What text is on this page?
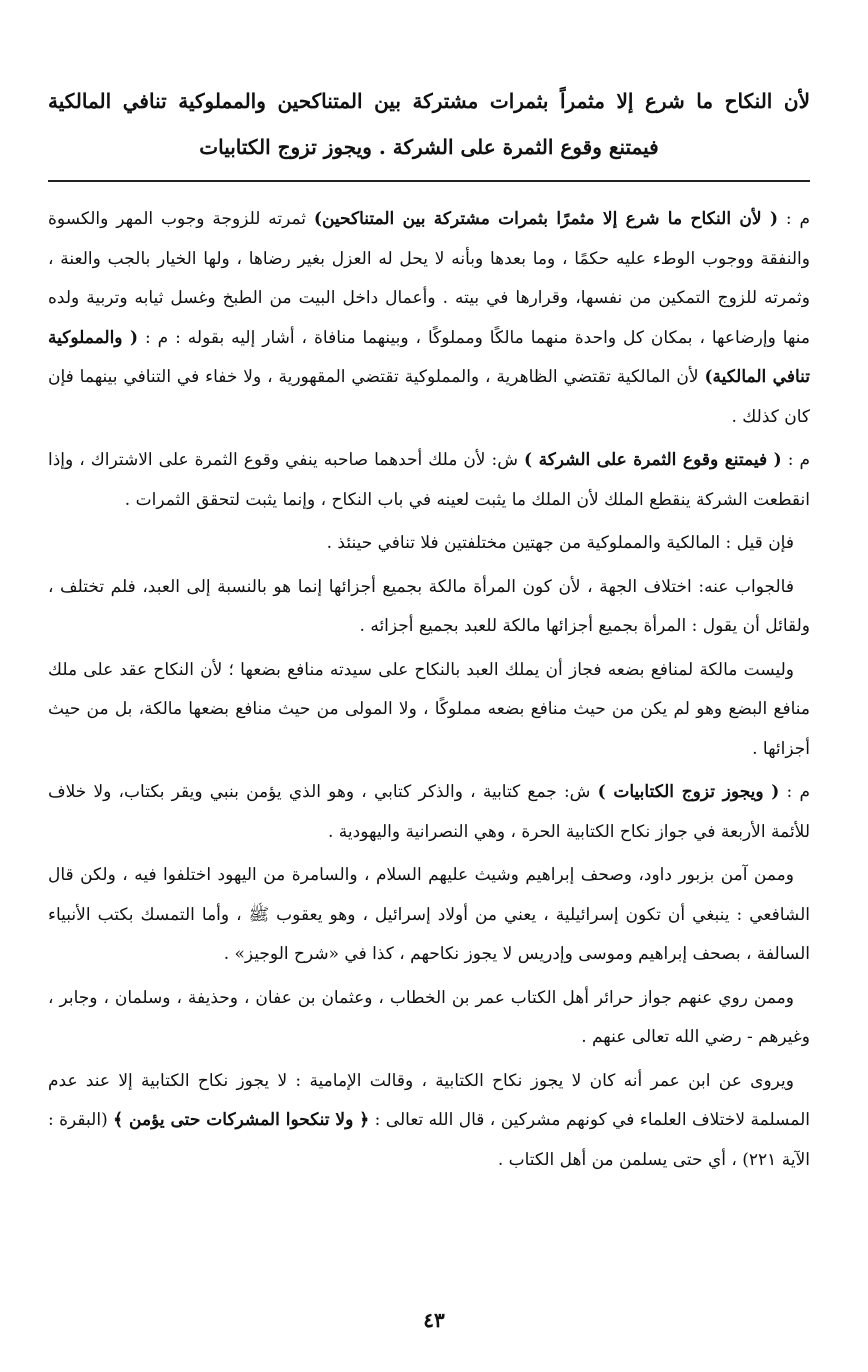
لأن النكاح ما شرع إلا مثمراً بثمرات مشتركة بين المتناكحين والمملوكية تنافي المالكية فيمتنع وقوع الثمرة على الشركة . ويجوز تزوج الكتابيات

م : ( لأن النكاح ما شرع إلا مثمرًا بثمرات مشتركة بين المتناكحين) ثمرته للزوجة وجوب المهر والكسوة والنفقة ووجوب الوطء عليه حكمًا ، وما بعدها وبأنه لا يحل له العزل بغير رضاها ، ولها الخيار بالجب والعنة ، وثمرته للزوج التمكين من نفسها، وقرارها في بيته . وأعمال داخل البيت من الطبخ وغسل ثيابه وتربية ولده منها وإرضاعها ، بمكان كل واحدة منهما مالكًا ومملوكًا ، وبينهما منافاة ، أشار إليه بقوله : م : ( والمملوكية تنافي المالكية) لأن المالكية تقتضي الظاهرية ، والمملوكية تقتضي المقهورية ، ولا خفاء في التنافي بينهما فإن كان كذلك .

م : ( فيمتنع وقوع الثمرة على الشركة ) ش: لأن ملك أحدهما صاحبه ينفي وقوع الثمرة على الاشتراك ، وإذا انقطعت الشركة ينقطع الملك لأن الملك ما يثبت لعينه في باب النكاح ، وإنما يثبت لتحقق الثمرات .

فإن قيل : المالكية والمملوكية من جهتين مختلفتين فلا تنافي حينئذ .

فالجواب عنه: اختلاف الجهة ، لأن كون المرأة مالكة بجميع أجزائها إنما هو بالنسبة إلى العبد، فلم تختلف ، ولقائل أن يقول : المرأة بجميع أجزائها مالكة للعبد بجميع أجزائه .

وليست مالكة لمنافع بضعه فجاز أن يملك العبد بالنكاح على سيدته منافع بضعها ؛ لأن النكاح عقد على ملك منافع البضع وهو لم يكن من حيث منافع بضعه مملوكًا ، ولا المولى من حيث منافع بضعها مالكة، بل من حيث أجزائها .

م : ( ويجوز تزوج الكتابيات ) ش: جمع كتابية ، والذكر كتابي ، وهو الذي يؤمن بنبي ويقر بكتاب، ولا خلاف للأئمة الأربعة في جواز نكاح الكتابية الحرة ، وهي النصرانية واليهودية .

وممن آمن بزبور داود، وصحف إبراهيم وشيث عليهم السلام ، والسامرة من اليهود اختلفوا فيه ، ولكن قال الشافعي : ينبغي أن تكون إسرائيلية ، يعني من أولاد إسرائيل ، وهو يعقوب ﷺ ، وأما التمسك بكتب الأنبياء السالفة ، بصحف إبراهيم وموسى وإدريس لا يجوز نكاحهم ، كذا في «شرح الوجيز» .

وممن روي عنهم جواز حرائر أهل الكتاب عمر بن الخطاب ، وعثمان بن عفان ، وحذيفة ، وسلمان ، وجابر ، وغيرهم - رضي الله تعالى عنهم .

ويروى عن ابن عمر أنه كان لا يجوز نكاح الكتابية ، وقالت الإمامية : لا يجوز نكاح الكتابية إلا عند عدم المسلمة لاختلاف العلماء في كونهم مشركين ، قال الله تعالى : ﴿ ولا تنكحوا المشركات حتى يؤمن ﴾ (البقرة : الآية ٢٢١) ، أي حتى يسلمن من أهل الكتاب .

٤٣
